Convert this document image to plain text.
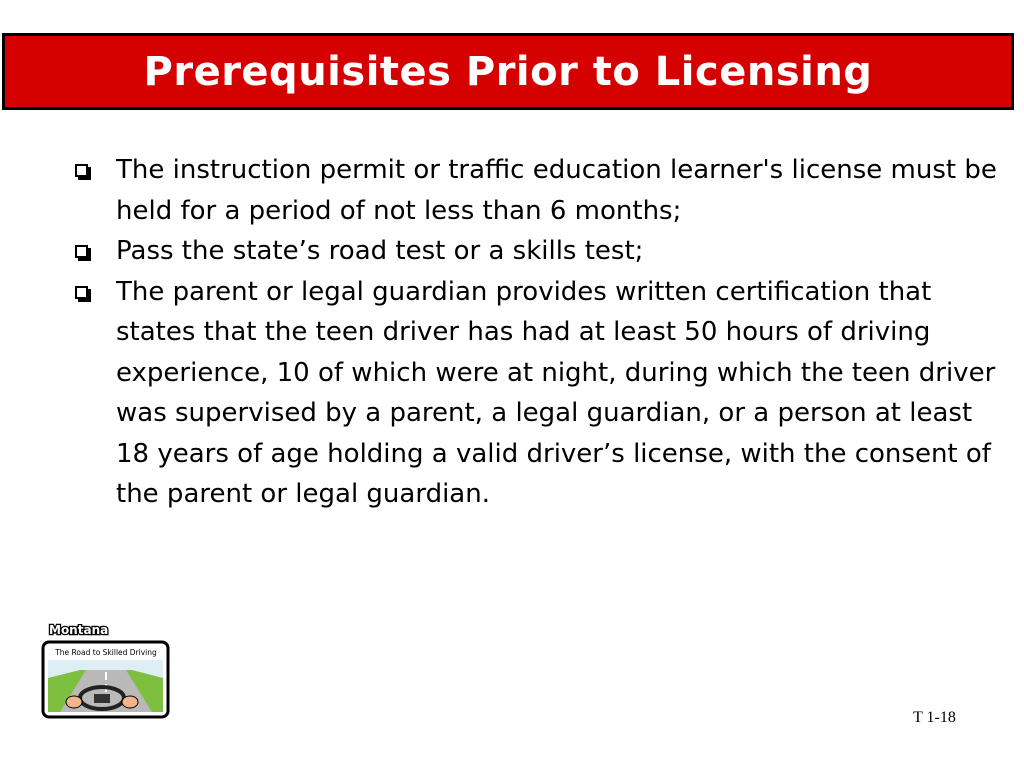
Prerequisites Prior to Licensing
The instruction permit or traffic education learner's license must be held for a period of not less than 6 months;
Pass the state’s road test or a skills test;
The parent or legal guardian provides written certification that states that the teen driver has had at least 50 hours of driving experience, 10 of which were at night, during which the teen driver was supervised by a parent, a legal guardian, or a person at least 18 years of age holding a valid driver’s license, with the consent of the parent or legal guardian.
Montana
The Road to Skilled Driving
T 1-18
